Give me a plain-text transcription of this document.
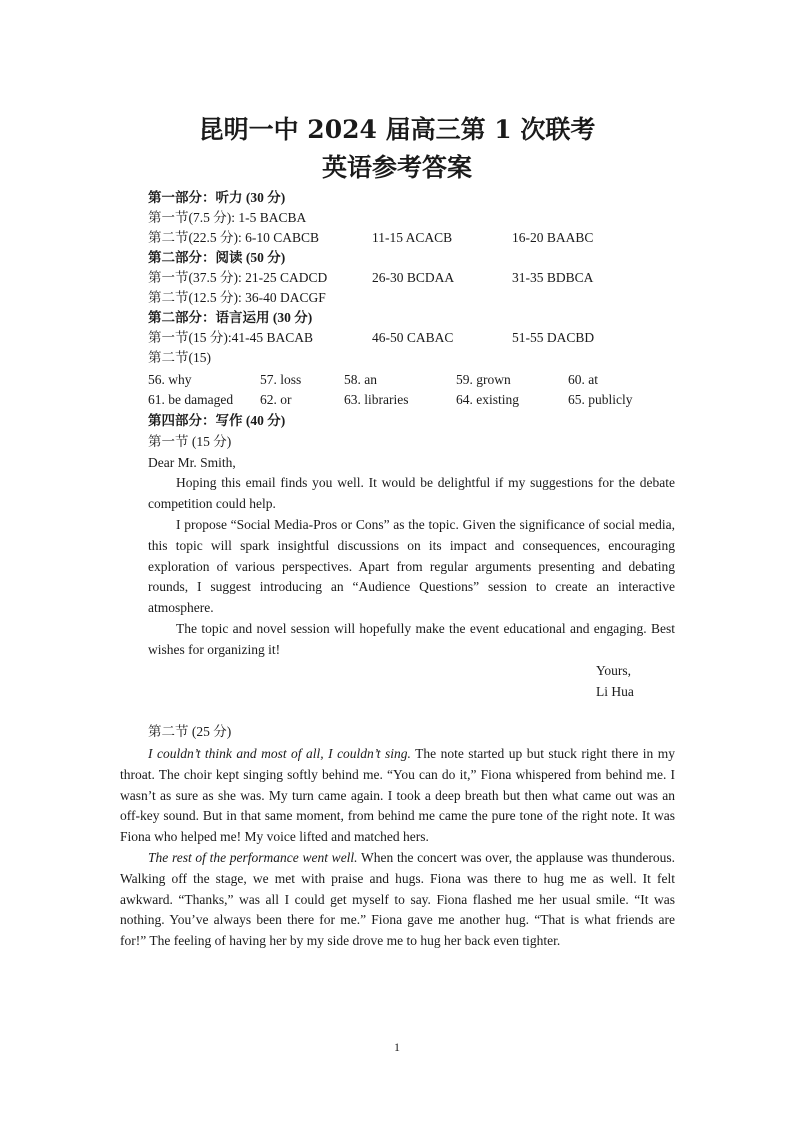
昆明一中 2024 届高三第 1 次联考
英语参考答案
第一部分：听力 (30 分)
第一节(7.5 分): 1-5 BACBA
第二节(22.5 分): 6-10 CABCB	11-15 ACACB	16-20 BAABC
第二部分：阅读 (50 分)
第一节(37.5 分): 21-25 CADCD	26-30 BCDAA	31-35 BDBCA
第二节(12.5 分): 36-40 DACGF
第二部分：语言运用 (30 分)
第一节(15 分):41-45 BACAB	46-50 CABAC	51-55 DACBD
第二节(15)
56. why	57. loss	58. an	59. grown	60. at
61. be damaged 62. or	63. libraries	64. existing	65. publicly
第四部分：写作 (40 分)
第一节 (15 分)
Dear Mr. Smith,
Hoping this email finds you well. It would be delightful if my suggestions for the debate competition could help.
I propose “Social Media-Pros or Cons” as the topic. Given the significance of social media, this topic will spark insightful discussions on its impact and consequences, encouraging exploration of various perspectives. Apart from regular arguments presenting and debating rounds, I suggest introducing an “Audience Questions” session to create an interactive atmosphere.
The topic and novel session will hopefully make the event educational and engaging. Best wishes for organizing it!
Yours,
Li Hua
第二节 (25 分)
I couldn’t think and most of all, I couldn’t sing. The note started up but stuck right there in my throat. The choir kept singing softly behind me. “You can do it,” Fiona whispered from behind me. I wasn’t as sure as she was. My turn came again. I took a deep breath but then what came out was an off-key sound. But in that same moment, from behind me came the pure tone of the right note. It was Fiona who helped me! My voice lifted and matched hers.
The rest of the performance went well. When the concert was over, the applause was thunderous. Walking off the stage, we met with praise and hugs. Fiona was there to hug me as well. It felt awkward. “Thanks,” was all I could get myself to say. Fiona flashed me her usual smile. “It was nothing. You’ve always been there for me.” Fiona gave me another hug. “That is what friends are for!” The feeling of having her by my side drove me to hug her back even tighter.
1
